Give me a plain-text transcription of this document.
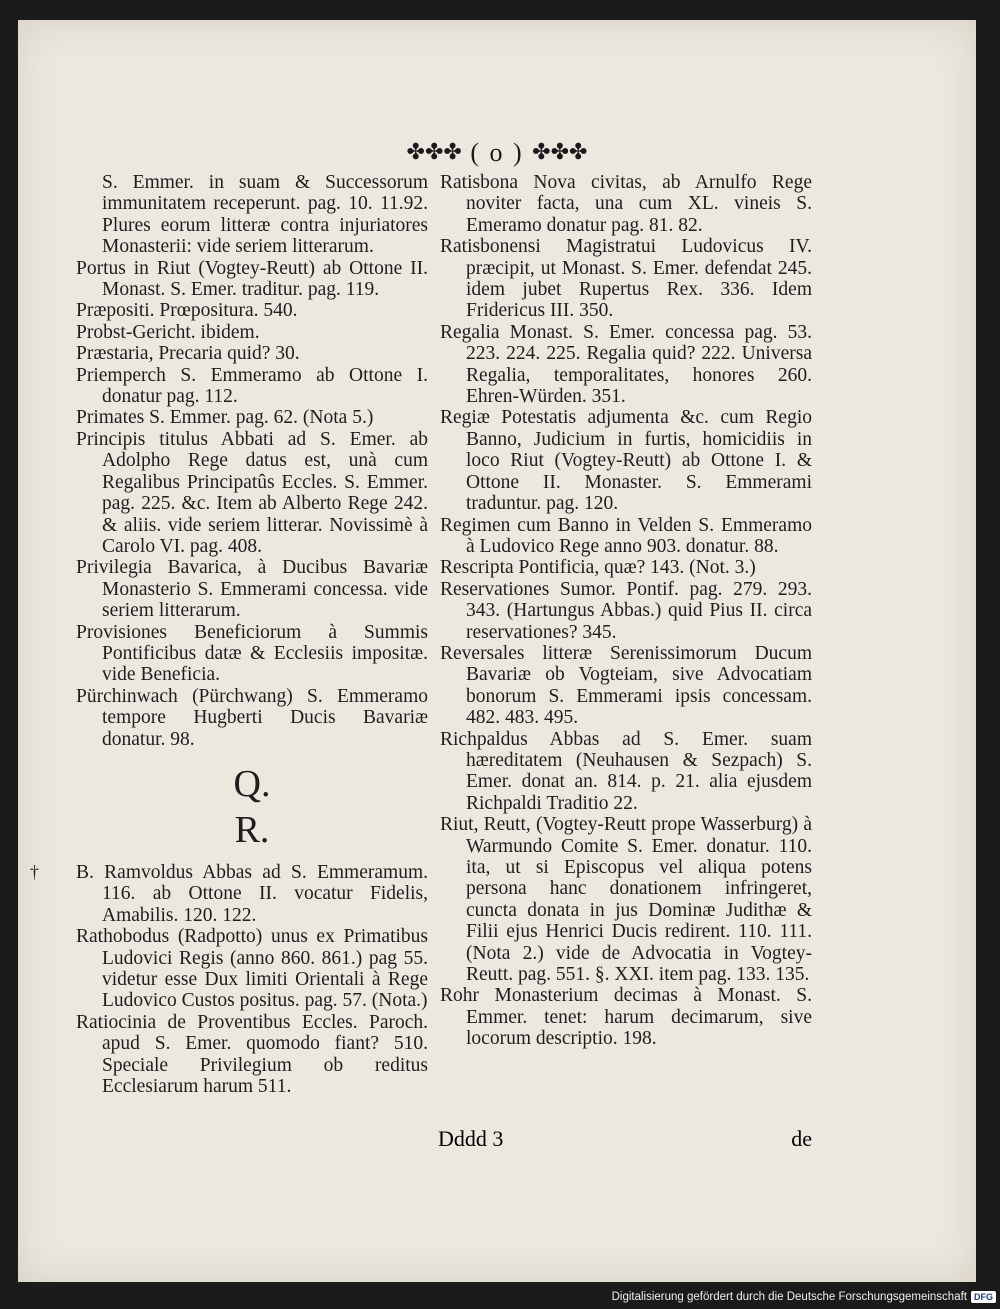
✤✤✤ ( o ) ✤✤✤
S. Emmer. in suam & Successorum immunitatem receperunt. pag. 10. 11.92. Plures eorum litteræ contra injuriatores Monasterii: vide seriem litterarum.
Portus in Riut (Vogtey-Reutt) ab Ottone II. Monast. S. Emer. traditur. pag. 119.
Præpositi. Prœpositura. 540.
Probst-Gericht. ibidem.
Præstaria, Precaria quid? 30.
Priemperch S. Emmeramo ab Ottone I. donatur pag. 112.
Primates S. Emmer. pag. 62. (Nota 5.)
Principis titulus Abbati ad S. Emer. ab Adolpho Rege datus est, unà cum Regalibus Principatûs Eccles. S. Emmer. pag. 225. &c. Item ab Alberto Rege 242. & aliis. vide seriem litterar. Novissimè à Carolo VI. pag. 408.
Privilegia Bavarica, à Ducibus Bavariæ Monasterio S. Emmerami concessa. vide seriem litterarum.
Provisiones Beneficiorum à Summis Pontificibus datæ & Ecclesiis impositæ. vide Beneficia.
Pürchinwach (Pürchwang) S. Emmeramo tempore Hugberti Ducis Bavariæ donatur. 98.
Q.
R.
†	B. Ramvoldus Abbas ad S. Emmeramum. 116. ab Ottone II. vocatur Fidelis, Amabilis. 120. 122.
Rathobodus (Radpotto) unus ex Primatibus Ludovici Regis (anno 860. 861.) pag 55. videtur esse Dux limiti Orientali à Rege Ludovico Custos positus. pag. 57. (Nota.)
Ratiocinia de Proventibus Eccles. Paroch. apud S. Emer. quomodo fiant? 510. Speciale Privilegium ob reditus Ecclesiarum harum 511.
Ratisbona Nova civitas, ab Arnulfo Rege noviter facta, una cum XL. vineis S. Emeramo donatur pag. 81. 82.
Ratisbonensi Magistratui Ludovicus IV. præcipit, ut Monast. S. Emer. defendat 245. idem jubet Rupertus Rex. 336. Idem Fridericus III. 350.
Regalia Monast. S. Emer. concessa pag. 53. 223. 224. 225. Regalia quid? 222. Universa Regalia, temporalitates, honores 260. Ehren-Würden. 351.
Regiæ Potestatis adjumenta &c. cum Regio Banno, Judicium in furtis, homicidiis in loco Riut (Vogtey-Reutt) ab Ottone I. & Ottone II. Monaster. S. Emmerami traduntur. pag. 120.
Regimen cum Banno in Velden S. Emmeramo à Ludovico Rege anno 903. donatur. 88.
Rescripta Pontificia, quæ? 143. (Not. 3.)
Reservationes Sumor. Pontif. pag. 279. 293. 343. (Hartungus Abbas.) quid Pius II. circa reservationes? 345.
Reversales litteræ Serenissimorum Ducum Bavariæ ob Vogteiam, sive Advocatiam bonorum S. Emmerami ipsis concessam. 482. 483. 495.
Richpaldus Abbas ad S. Emer. suam hæreditatem (Neuhausen & Sezpach) S. Emer. donat an. 814. p. 21. alia ejusdem Richpaldi Traditio 22.
Riut, Reutt, (Vogtey-Reutt prope Wasserburg) à Warmundo Comite S. Emer. donatur. 110. ita, ut si Episcopus vel aliqua potens persona hanc donationem infringeret, cuncta donata in jus Dominæ Judithæ & Filii ejus Henrici Ducis redirent. 110. 111. (Nota 2.) vide de Advocatia in Vogtey-Reutt. pag. 551. §. XXI. item pag. 133. 135.
Rohr Monasterium decimas à Monast. S. Emmer. tenet: harum decimarum, sive locorum descriptio. 198.
Dddd 3	de
Digitalisierung gefördert durch die Deutsche Forschungsgemeinschaft DFG
